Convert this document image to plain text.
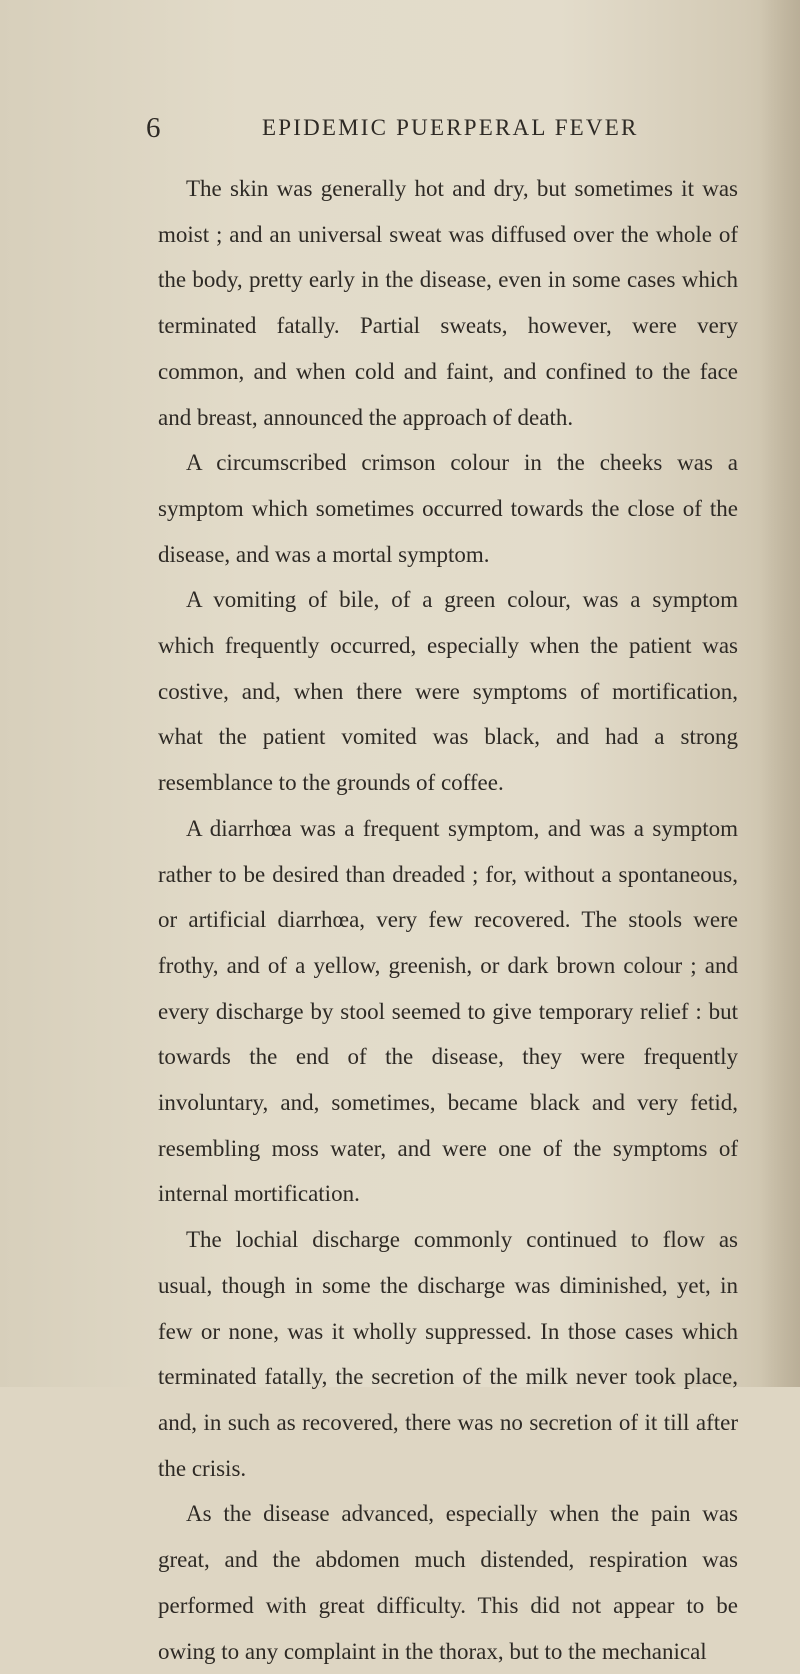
6	EPIDEMIC PUERPERAL FEVER

The skin was generally hot and dry, but sometimes it was moist ; and an universal sweat was diffused over the whole of the body, pretty early in the disease, even in some cases which terminated fatally. Partial sweats, however, were very common, and when cold and faint, and confined to the face and breast, announced the approach of death.

A circumscribed crimson colour in the cheeks was a symptom which sometimes occurred towards the close of the disease, and was a mortal symptom.

A vomiting of bile, of a green colour, was a symptom which frequently occurred, especially when the patient was costive, and, when there were symptoms of mortification, what the patient vomited was black, and had a strong resemblance to the grounds of coffee.

A diarrhœa was a frequent symptom, and was a symptom rather to be desired than dreaded ; for, without a spontaneous, or artificial diarrhœa, very few recovered. The stools were frothy, and of a yellow, greenish, or dark brown colour ; and every discharge by stool seemed to give temporary relief : but towards the end of the disease, they were frequently involuntary, and, sometimes, became black and very fetid, resembling moss water, and were one of the symptoms of internal mortification.

The lochial discharge commonly continued to flow as usual, though in some the discharge was diminished, yet, in few or none, was it wholly suppressed. In those cases which terminated fatally, the secretion of the milk never took place, and, in such as recovered, there was no secretion of it till after the crisis.

As the disease advanced, especially when the pain was great, and the abdomen much distended, respiration was performed with great difficulty. This did not appear to be owing to any complaint in the thorax, but to the mechanical
